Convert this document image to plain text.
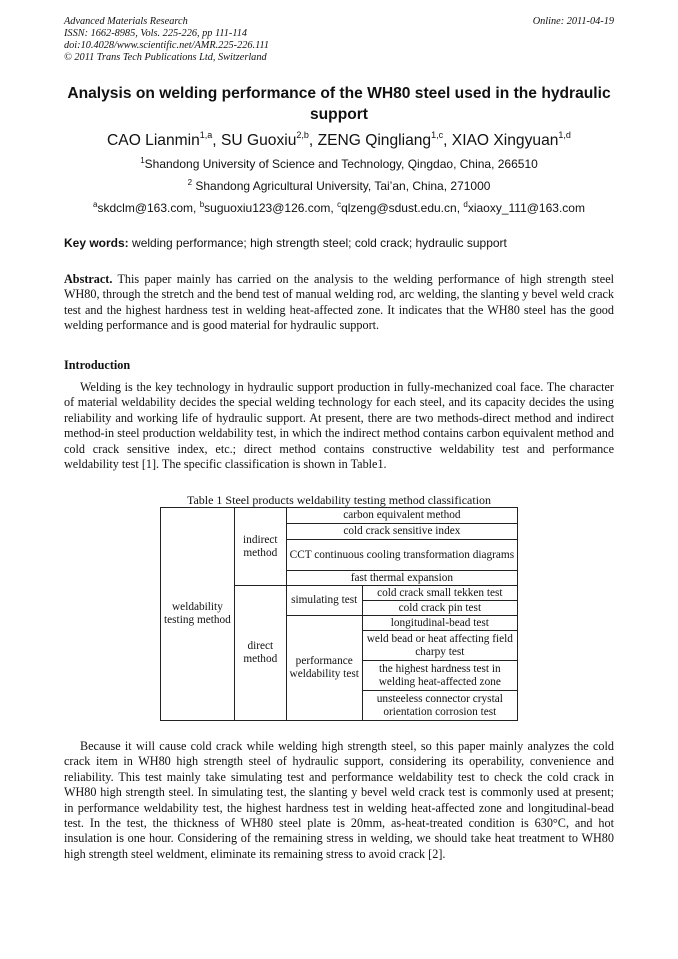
Advanced Materials Research
ISSN: 1662-8985, Vols. 225-226, pp 111-114
doi:10.4028/www.scientific.net/AMR.225-226.111
© 2011 Trans Tech Publications Ltd, Switzerland
Online: 2011-04-19
Analysis on welding performance of the WH80 steel used in the hydraulic support
CAO Lianmin$^{1,a}$, SU Guoxiu$^{2,b}$, ZENG Qingliang$^{1,c}$, XIAO Xingyuan$^{1,d}$
$^1$Shandong University of Science and Technology, Qingdao, China, 266510
$^2$ Shandong Agricultural University, Tai’an, China, 271000
$^a$skdclm@163.com, $^b$suguoxiu123@126.com, $^c$qlzeng@sdust.edu.cn, $^d$xiaoxy_111@163.com
Key words: welding performance; high strength steel; cold crack; hydraulic support
Abstract. This paper mainly has carried on the analysis to the welding performance of high strength steel WH80, through the stretch and the bend test of manual welding rod, arc welding, the slanting y bevel weld crack test and the highest hardness test in welding heat-affected zone. It indicates that the WH80 steel has the good welding performance and is good material for hydraulic support.
Introduction
Welding is the key technology in hydraulic support production in fully-mechanized coal face. The character of material weldability decides the special welding technology for each steel, and its capacity decides the using reliability and working life of hydraulic support. At present, there are two methods-direct method and indirect method-in steel production weldability test, in which the indirect method contains carbon equivalent method and cold crack sensitive index, etc.; direct method contains constructive weldability test and performance weldability test [1]. The specific classification is shown in Table1.
Table 1 Steel products weldability testing method classification
weldability testing method	indirect method	carbon equivalent method	
		cold crack sensitive index	
		CCT continuous cooling transformation diagrams	

		fast thermal expansion	
	direct method	simulating test	cold crack small tekken test
			cold crack pin test
		performance weldability test	longitudinal-bead test
			weld bead or heat affecting field charpy test

			the highest hardness test in welding heat-affected zone

			unsteeless connector crystal orientation corrosion test

Because it will cause cold crack while welding high strength steel, so this paper mainly analyzes the cold crack item in WH80 high strength steel of hydraulic support, considering its operability, convenience and reliability. This test mainly take simulating test and performance weldability test to check the cold crack in WH80 high strength steel. In simulating test, the slanting y bevel weld crack test is commonly used at present; in performance weldability test, the highest hardness test in welding heat-affected zone and longitudinal-bead test. In the test, the thickness of WH80 steel plate is 20mm, as-heat-treated condition is 630°C, and hot insulation is one hour. Considering of the remaining stress in welding, we should take heat treatment to WH80 high strength steel weldment, eliminate its remaining stress to avoid crack [2].
